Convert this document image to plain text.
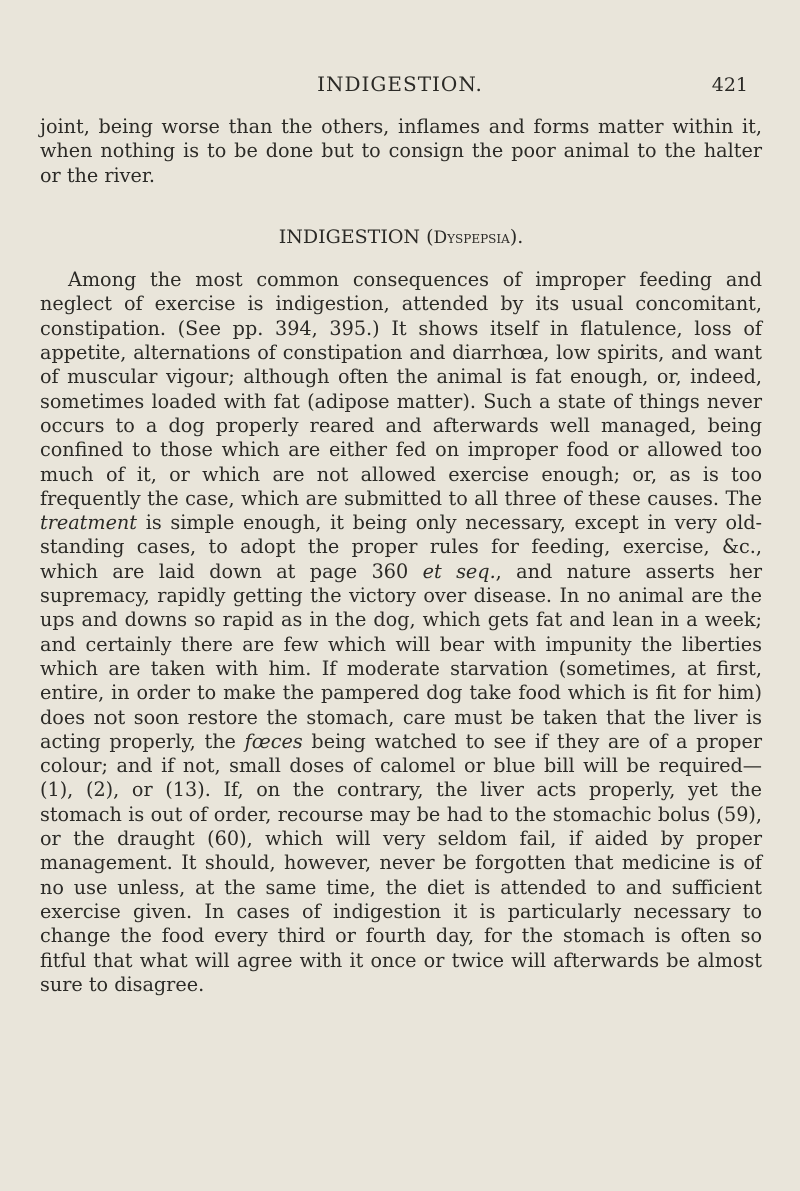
INDIGESTION.	421

joint, being worse than the others, inflames and forms matter within it, when nothing is to be done but to consign the poor animal to the halter or the river.

INDIGESTION (Dyspepsia).

Among the most common consequences of improper feeding and neglect of exercise is indigestion, attended by its usual concomitant, constipation. (See pp. 394, 395.) It shows itself in flatulence, loss of appetite, alternations of constipation and diarrhœa, low spirits, and want of muscular vigour; although often the animal is fat enough, or, indeed, sometimes loaded with fat (adipose matter). Such a state of things never occurs to a dog properly reared and afterwards well managed, being confined to those which are either fed on improper food or allowed too much of it, or which are not allowed exercise enough; or, as is too frequently the case, which are submitted to all three of these causes. The treatment is simple enough, it being only necessary, except in very old-standing cases, to adopt the proper rules for feeding, exercise, &c., which are laid down at page 360 et seq., and nature asserts her supremacy, rapidly getting the victory over disease. In no animal are the ups and downs so rapid as in the dog, which gets fat and lean in a week; and certainly there are few which will bear with impunity the liberties which are taken with him. If moderate starvation (sometimes, at first, entire, in order to make the pampered dog take food which is fit for him) does not soon restore the stomach, care must be taken that the liver is acting properly, the fœces being watched to see if they are of a proper colour; and if not, small doses of calomel or blue bill will be required—(1), (2), or (13). If, on the contrary, the liver acts properly, yet the stomach is out of order, recourse may be had to the stomachic bolus (59), or the draught (60), which will very seldom fail, if aided by proper management. It should, however, never be forgotten that medicine is of no use unless, at the same time, the diet is attended to and sufficient exercise given. In cases of indigestion it is particularly necessary to change the food every third or fourth day, for the stomach is often so fitful that what will agree with it once or twice will afterwards be almost sure to disagree.
